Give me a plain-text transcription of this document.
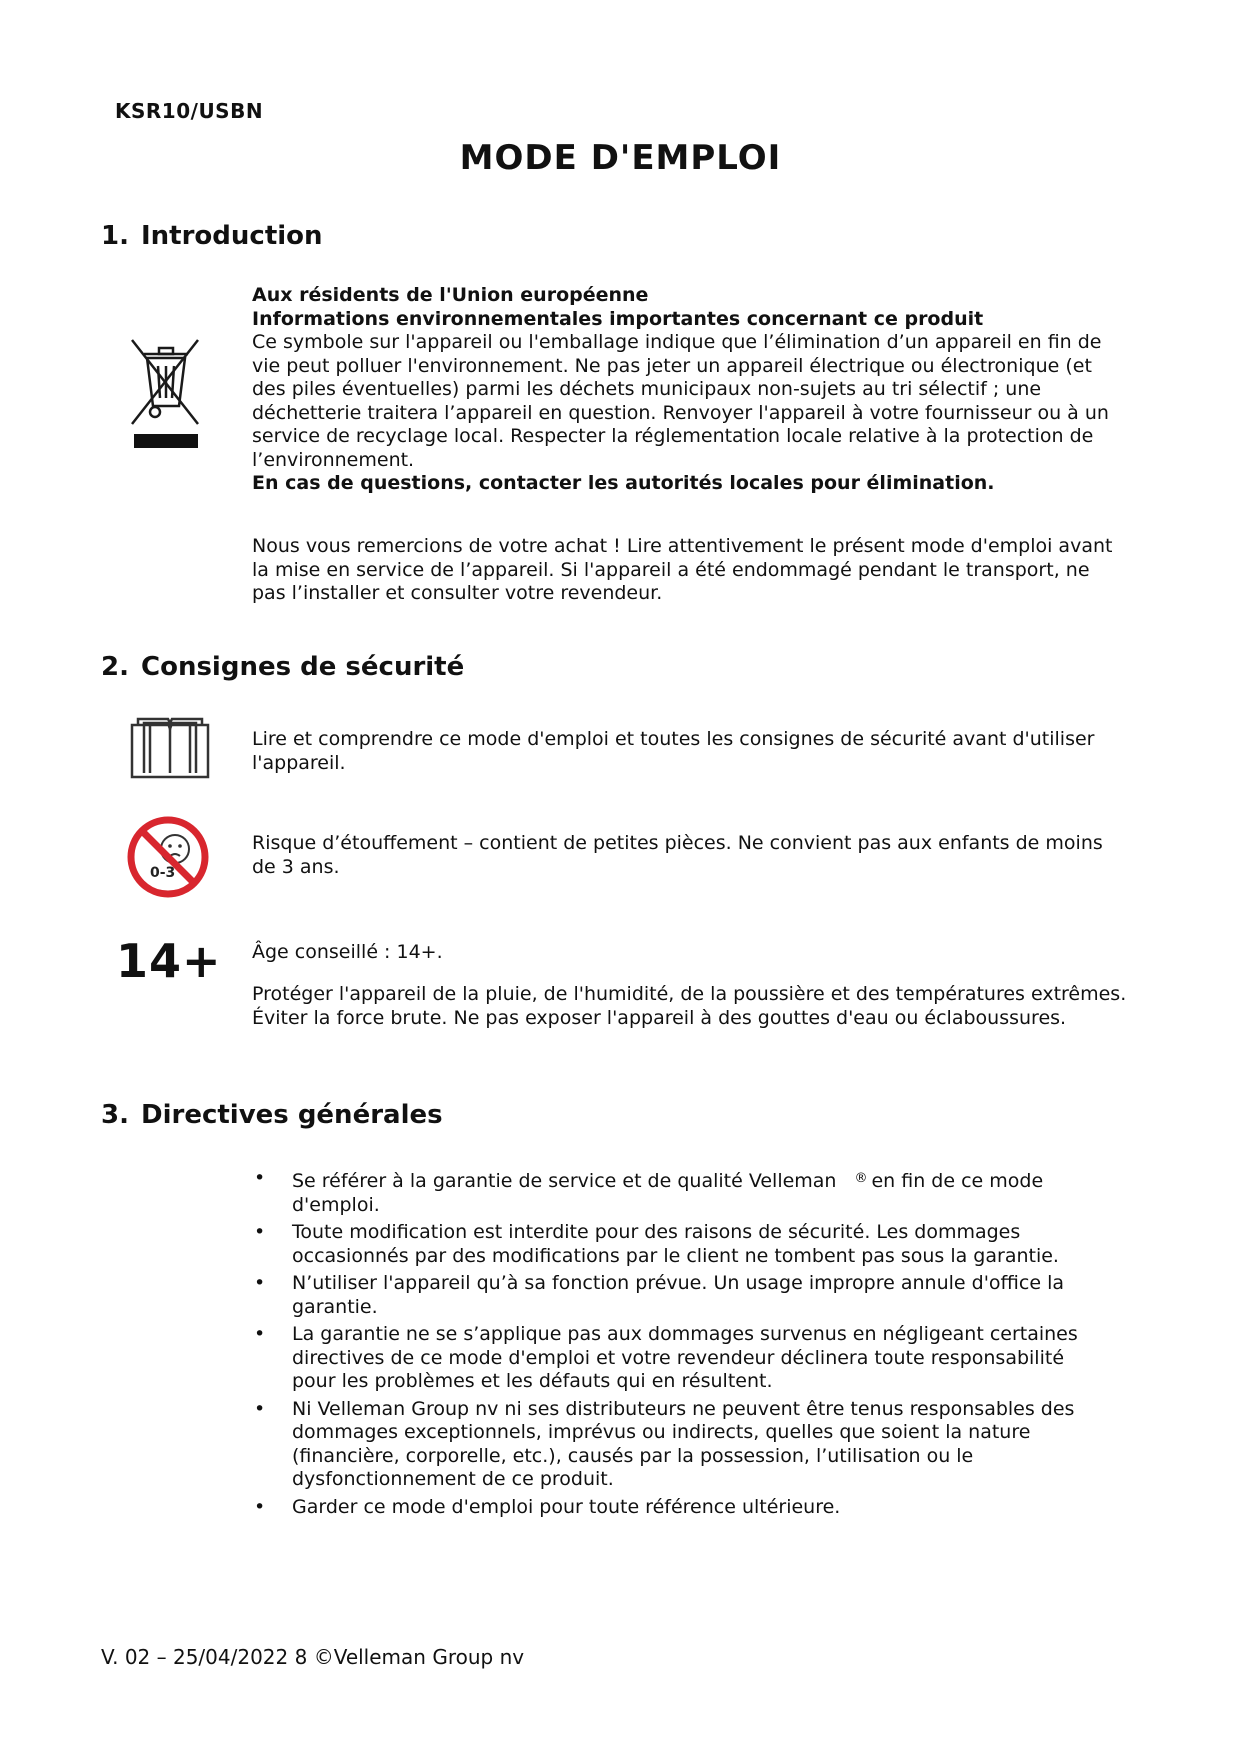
KSR10/USBN
MODE D'EMPLOI
1. Introduction

Aux résidents de l'Union européenne

Informations environnementales importantes concernant ce produit

Ce symbole sur l'appareil ou l'emballage indique que l’élimination d’un appareil en fin de vie peut polluer l'environnement. Ne pas jeter un appareil électrique ou électronique (et des piles éventuelles) parmi les déchets municipaux non-sujets au tri sélectif ; une déchetterie traitera l’appareil en question. Renvoyer l'appareil à votre fournisseur ou à un service de recyclage local. Respecter la réglementation locale relative à la protection de l’environnement.

En cas de questions, contacter les autorités locales pour élimination.

Nous vous remercions de votre achat ! Lire attentivement le présent mode d'emploi avant la mise en service de l’appareil. Si l'appareil a été endommagé pendant le transport, ne pas l’installer et consulter votre revendeur.
2. Consignes de sécurité
Lire et comprendre ce mode d'emploi et toutes les consignes de sécurité avant d'utiliser l'appareil.
0-3
Risque d’étouffement – contient de petites pièces. Ne convient pas aux enfants de moins de 3 ans.
14+ Âge conseillé : 14+.
Protéger l'appareil de la pluie, de l'humidité, de la poussière et des températures extrêmes. Éviter la force brute. Ne pas exposer l'appareil à des gouttes d'eau ou éclaboussures.
3. Directives générales
• Se référer à la garantie de service et de qualité Velleman ® en fin de ce mode d'emploi.
• Toute modification est interdite pour des raisons de sécurité. Les dommages occasionnés par des modifications par le client ne tombent pas sous la garantie.
• N’utiliser l'appareil qu’à sa fonction prévue. Un usage impropre annule d'office la garantie.
• La garantie ne se s’applique pas aux dommages survenus en négligeant certaines directives de ce mode d'emploi et votre revendeur déclinera toute responsabilité pour les problèmes et les défauts qui en résultent.
• Ni Velleman Group nv ni ses distributeurs ne peuvent être tenus responsables des dommages exceptionnels, imprévus ou indirects, quelles que soient la nature (financière, corporelle, etc.), causés par la possession, l’utilisation ou le dysfonctionnement de ce produit.
• Garder ce mode d'emploi pour toute référence ultérieure.
V. 02 – 25/04/2022 8 ©Velleman Group nv
